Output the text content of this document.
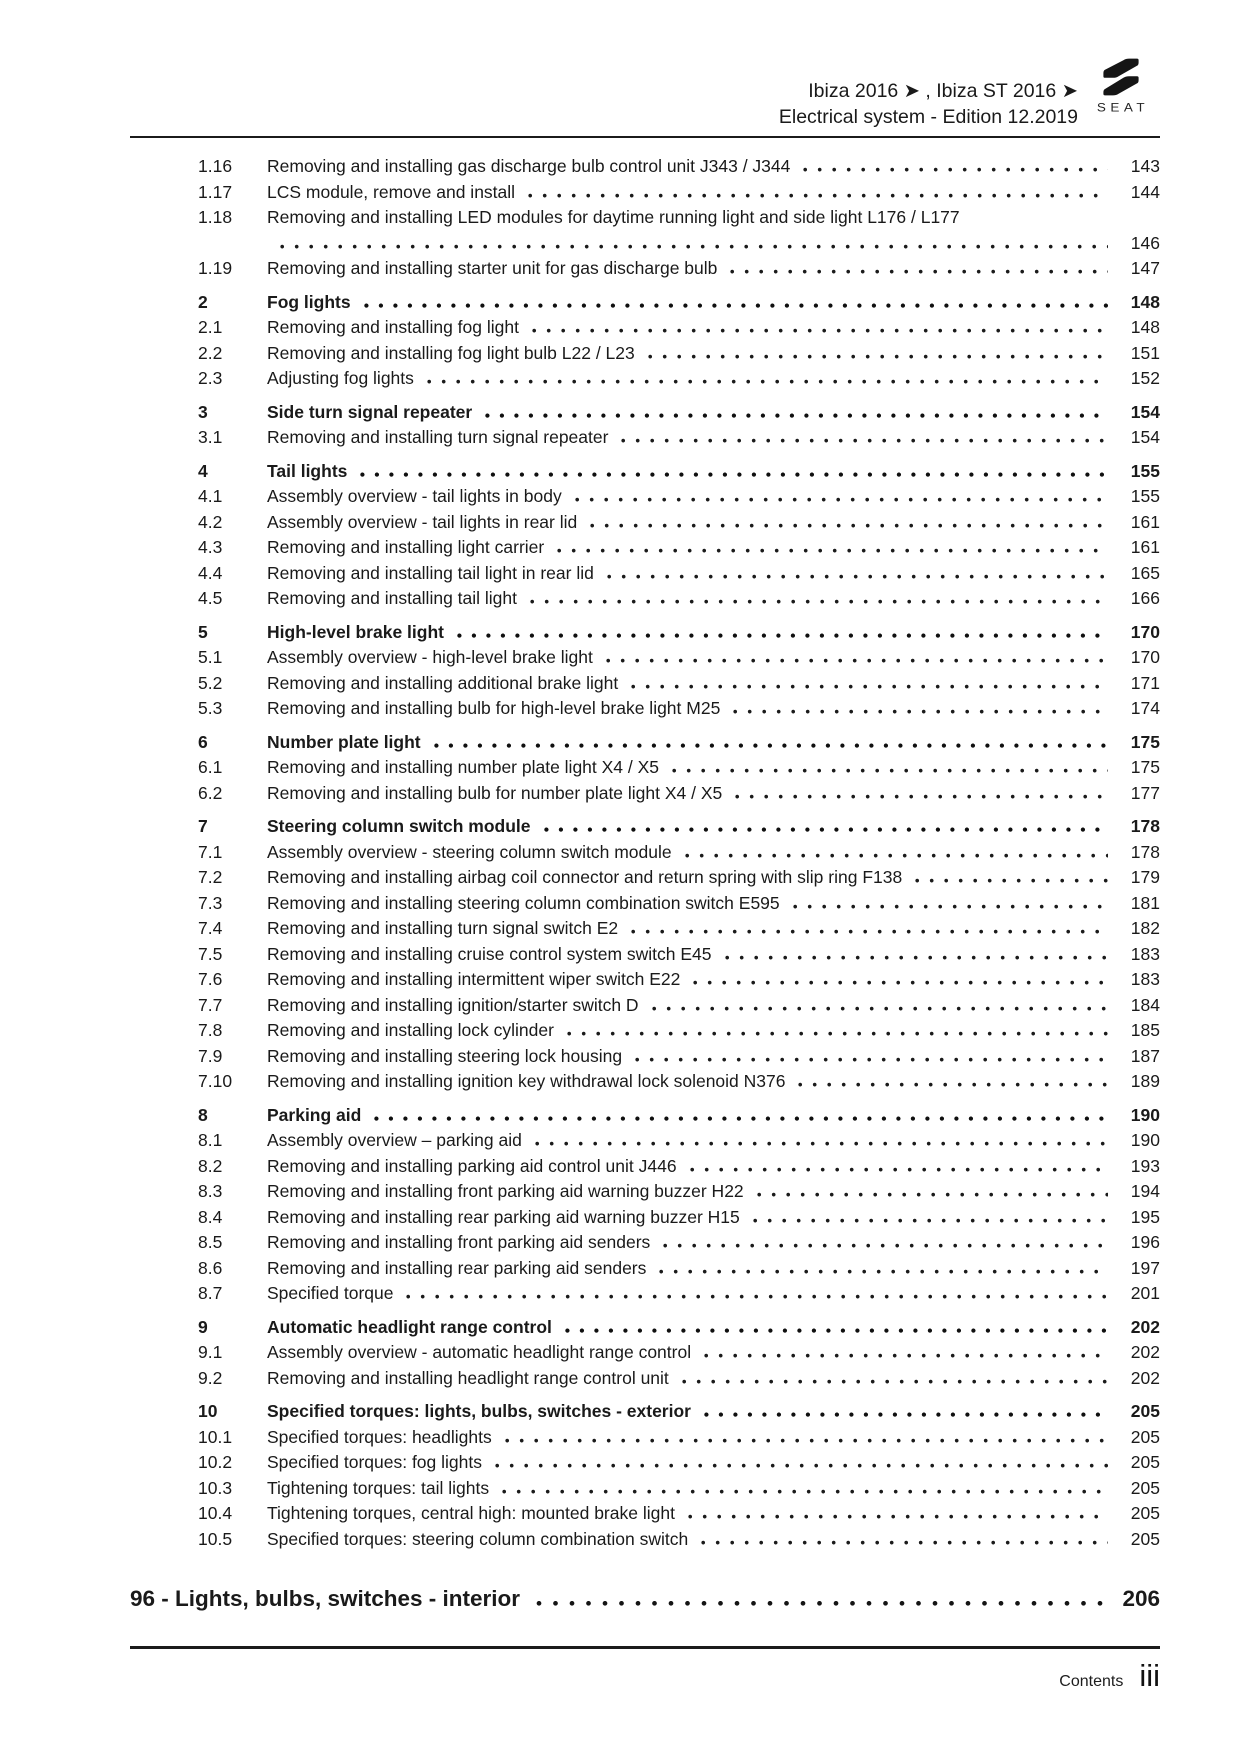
Ibiza 2016 ➤ , Ibiza ST 2016 ➤
Electrical system - Edition 12.2019	SEAT
1.16	Removing and installing gas discharge bulb control unit J343 / J344	143
1.17	LCS module, remove and install	144
1.18	Removing and installing LED modules for daytime running light and side light L176 / L177
146
1.19	Removing and installing starter unit for gas discharge bulb	147
2	Fog lights	148
2.1	Removing and installing fog light	148
2.2	Removing and installing fog light bulb L22 / L23	151
2.3	Adjusting fog lights	152
3	Side turn signal repeater	154
3.1	Removing and installing turn signal repeater	154
4	Tail lights	155
4.1	Assembly overview - tail lights in body	155
4.2	Assembly overview - tail lights in rear lid	161
4.3	Removing and installing light carrier	161
4.4	Removing and installing tail light in rear lid	165
4.5	Removing and installing tail light	166
5	High-level brake light	170
5.1	Assembly overview - high-level brake light	170
5.2	Removing and installing additional brake light	171
5.3	Removing and installing bulb for high-level brake light M25	174
6	Number plate light	175
6.1	Removing and installing number plate light X4 / X5	175
6.2	Removing and installing bulb for number plate light X4 / X5	177
7	Steering column switch module	178
7.1	Assembly overview - steering column switch module	178
7.2	Removing and installing airbag coil connector and return spring with slip ring F138	179
7.3	Removing and installing steering column combination switch E595	181
7.4	Removing and installing turn signal switch E2	182
7.5	Removing and installing cruise control system switch E45	183
7.6	Removing and installing intermittent wiper switch E22	183
7.7	Removing and installing ignition/starter switch D	184
7.8	Removing and installing lock cylinder	185
7.9	Removing and installing steering lock housing	187
7.10	Removing and installing ignition key withdrawal lock solenoid N376	189
8	Parking aid	190
8.1	Assembly overview – parking aid	190
8.2	Removing and installing parking aid control unit J446	193
8.3	Removing and installing front parking aid warning buzzer H22	194
8.4	Removing and installing rear parking aid warning buzzer H15	195
8.5	Removing and installing front parking aid senders	196
8.6	Removing and installing rear parking aid senders	197
8.7	Specified torque	201
9	Automatic headlight range control	202
9.1	Assembly overview - automatic headlight range control	202
9.2	Removing and installing headlight range control unit	202
10	Specified torques: lights, bulbs, switches - exterior	205
10.1	Specified torques: headlights	205
10.2	Specified torques: fog lights	205
10.3	Tightening torques: tail lights	205
10.4	Tightening torques, central high: mounted brake light	205
10.5	Specified torques: steering column combination switch	205
96 - Lights, bulbs, switches - interior	206
Contents iii
